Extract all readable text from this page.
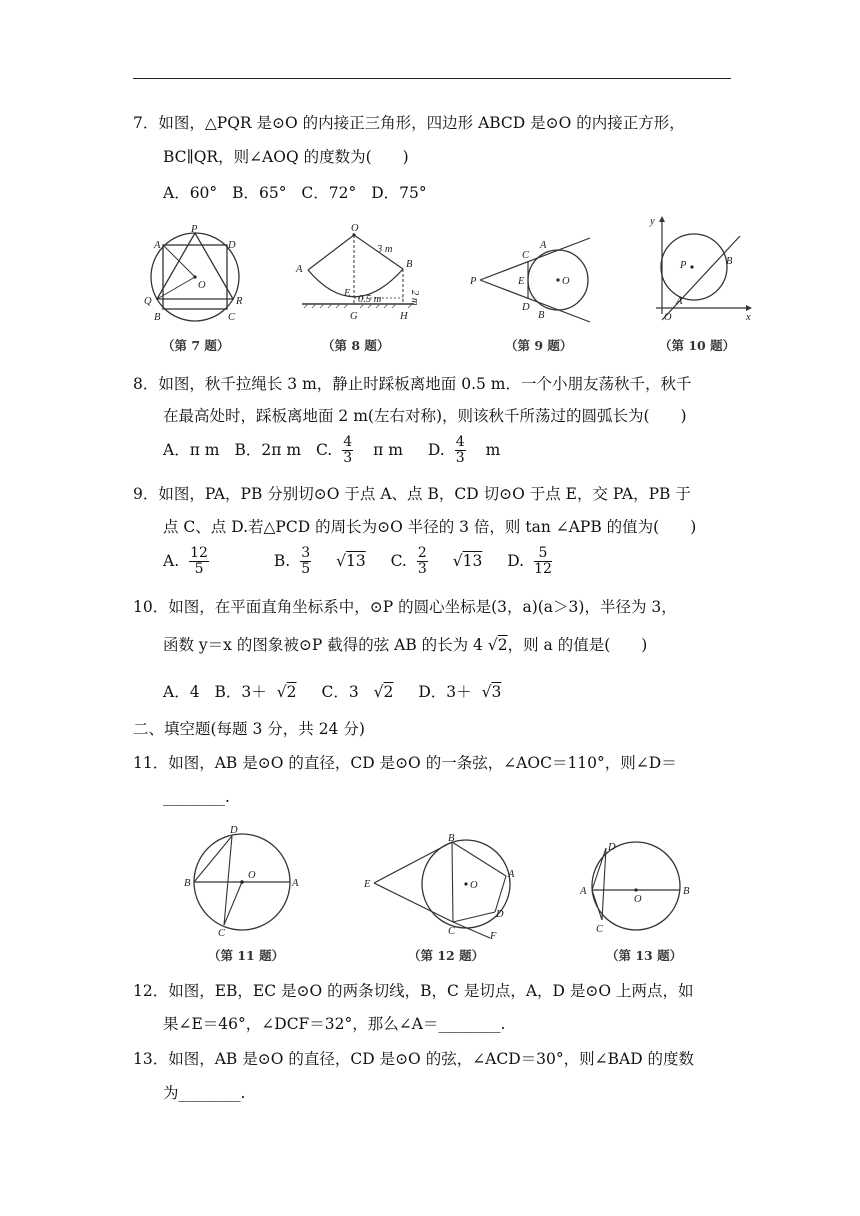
7．如图，△PQR 是⊙O 的内接正三角形，四边形 ABCD 是⊙O 的内接正方形，
BC∥QR，则∠AOQ 的度数为(　　)
A．60° B．65° C．72° D．75°
P
A	D
O
Q	R
B	C
O
A	B
E
G	H
3 m
0.5 m	2 m
P
C
A
E	O
D
B
y
x
O
P
A
B
（第 7 题）	（第 8 题）	（第 9 题）	（第 10 题）
8．如图，秋千拉绳长 3 m，静止时踩板离地面 0.5 m．一个小朋友荡秋千，秋千
在最高处时，踩板离地面 2 m(左右对称)，则该秋千所荡过的圆弧长为(　　)
A．π m B．2π m C. $\frac{4}{3}$ π m D. $\frac{4}{3}$ m
9．如图，PA，PB 分别切⊙O 于点 A、点 B，CD 切⊙O 于点 E，交 PA，PB 于
点 C、点 D.若△PCD 的周长为⊙O 半径的 3 倍，则 tan ∠APB 的值为(　　)
A. $\frac{12}{5}$	B. $\frac{3}{5} √13$ C. $\frac{2}{3} √13$ D. $\frac{5}{12}$
10．如图，在平面直角坐标系中，⊙P 的圆心坐标是(3，a)(a＞3)，半径为 3，
函数 y＝x 的图象被⊙P 截得的弦 AB 的长为 4 √2，则 a 的值是(　　)
A．4 B．3＋ √2 C．3 √2 D．3＋ √3
二、填空题(每题 3 分，共 24 分)
11．如图，AB 是⊙O 的直径，CD 是⊙O 的一条弦，∠AOC＝110°，则∠D＝
________.
D
B
O
A
C
E
B
O
A
D
C	F
D
A
O
B
C
（第 11 题）	（第 12 题）	（第 13 题）
12．如图，EB，EC 是⊙O 的两条切线，B，C 是切点，A，D 是⊙O 上两点，如
果∠E＝46°，∠DCF＝32°，那么∠A＝________.
13．如图，AB 是⊙O 的直径，CD 是⊙O 的弦，∠ACD＝30°，则∠BAD 的度数
为________.
